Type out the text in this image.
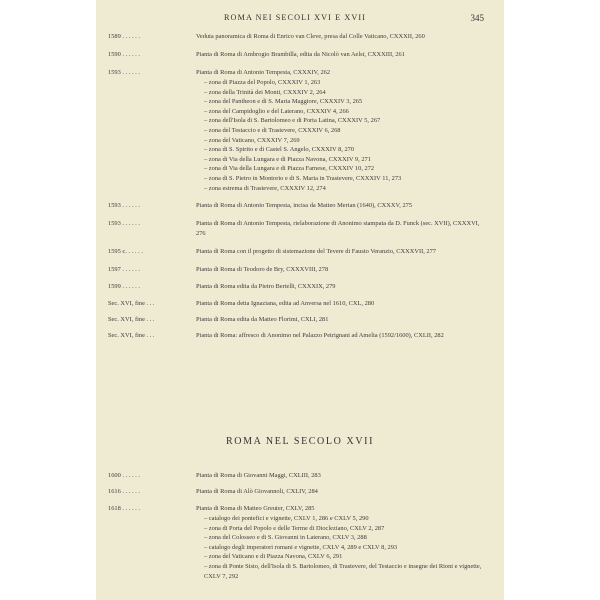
ROMA NEI SECOLI XVI E XVII	345
1589 . . . . . .	Veduta panoramica di Roma di Enrico van Cleve, presa dal Colle Vaticano, CXXXII, 260
1590 . . . . . .	Pianta di Roma di Ambrogio Brambilla, edita da Nicolò van Aelst, CXXXIII, 261
1593 . . . . . .	Pianta di Roma di Antonio Tempesta, CXXXIV, 262
– zona di Piazza del Popolo, CXXXIV 1, 263
– zona della Trinità dei Monti, CXXXIV 2, 264
– zona del Pantheon e di S. Maria Maggiore, CXXXIV 3, 265
– zona del Campidoglio e del Laterano, CXXXIV 4, 266
– zona dell'Isola di S. Bartolomeo e di Porta Latina, CXXXIV 5, 267
– zona del Testaccio e di Trastevere, CXXXIV 6, 268
– zona del Vaticano, CXXXIV 7, 269
– zona di S. Spirito e di Castel S. Angelo, CXXXIV 8, 270
– zona di Via della Lungara e di Piazza Navona, CXXXIV 9, 271
– zona di Via della Lungara e di Piazza Farnese, CXXXIV 10, 272
– zona di S. Pietro in Montorio e di S. Maria in Trastevere, CXXXIV 11, 273
– zona estrema di Trastevere, CXXXIV 12, 274
1593 . . . . . .	Pianta di Roma di Antonio Tempesta, incisa da Matteo Merian (1640), CXXXV, 275
1593 . . . . . .	Pianta di Roma di Antonio Tempesta, rielaborazione di Anonimo stampata da D. Funck (sec. XVII), CXXXVI, 276
1595 c. . . . . .	Pianta di Roma con il progetto di sistemazione del Tevere di Fausto Veranzio, CXXXVII, 277
1597 . . . . . .	Pianta di Roma di Teodoro de Bry, CXXXVIII, 278
1599 . . . . . .	Pianta di Roma edita da Pietro Bertelli, CXXXIX, 279
Sec. XVI, fine . . .	Pianta di Roma detta Ignaziana, edita ad Anversa nel 1610, CXL, 280
Sec. XVI, fine . . .	Pianta di Roma edita da Matteo Florimi, CXLI, 281
Sec. XVI, fine . . .	Pianta di Roma: affresco di Anonimo nel Palazzo Petrignani ad Amelia (1592/1600), CXLII, 282
ROMA NEL SECOLO XVII
1600 . . . . . .	Pianta di Roma di Giovanni Maggi, CXLIII, 283
1616 . . . . . .	Pianta di Roma di Alò Giovannoli, CXLIV, 284
1618 . . . . . .	Pianta di Roma di Matteo Greuter, CXLV, 285
– catalogo dei pontefici e vignette, CXLV 1, 286 e CXLV 5, 290
– zona di Porta del Popolo e delle Terme di Diocleziano, CXLV 2, 287
– zona del Colosseo e di S. Giovanni in Laterano, CXLV 3, 288
– catalogo degli imperatori romani e vignette, CXLV 4, 289 e CXLV 8, 293
– zona del Vaticano e di Piazza Navona, CXLV 6, 291
– zona di Ponte Sisto, dell'Isola di S. Bartolomeo, di Trastevere, del Testaccio e insegne dei Rioni e vignette, CXLV 7, 292
